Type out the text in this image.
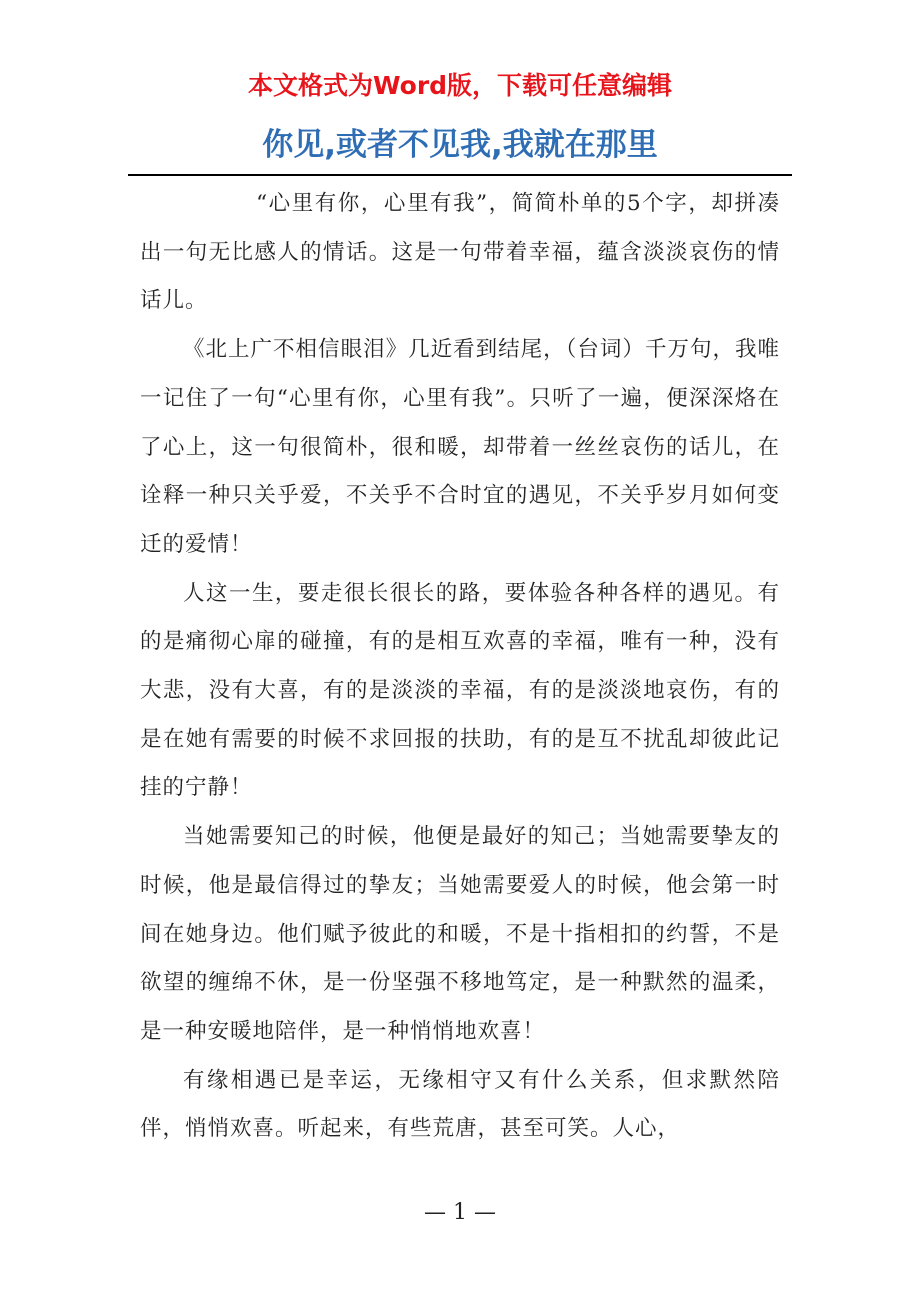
本文格式为Word版，下载可任意编辑
你见,或者不见我,我就在那里

“心里有你，心里有我”，简简朴单的5个字，却拼凑出一句无比感人的情话。这是一句带着幸福，蕴含淡淡哀伤的情话儿。

《北上广不相信眼泪》几近看到结尾，（台词）千万句，我唯一记住了一句“心里有你，心里有我”。只听了一遍，便深深烙在了心上，这一句很简朴，很和暖，却带着一丝丝哀伤的话儿，在诠释一种只关乎爱，不关乎不合时宜的遇见，不关乎岁月如何变迁的爱情！

人这一生，要走很长很长的路，要体验各种各样的遇见。有的是痛彻心扉的碰撞，有的是相互欢喜的幸福，唯有一种，没有大悲，没有大喜，有的是淡淡的幸福，有的是淡淡地哀伤，有的是在她有需要的时候不求回报的扶助，有的是互不扰乱却彼此记挂的宁静！

当她需要知己的时候，他便是最好的知己；当她需要挚友的时候，他是最信得过的挚友；当她需要爱人的时候，他会第一时间在她身边。他们赋予彼此的和暖，不是十指相扣的约誓，不是欲望的缠绵不休，是一份坚强不移地笃定，是一种默然的温柔，是一种安暖地陪伴，是一种悄悄地欢喜！

有缘相遇已是幸运，无缘相守又有什么关系，但求默然陪伴，悄悄欢喜。听起来，有些荒唐，甚至可笑。人心，

— 1 —
